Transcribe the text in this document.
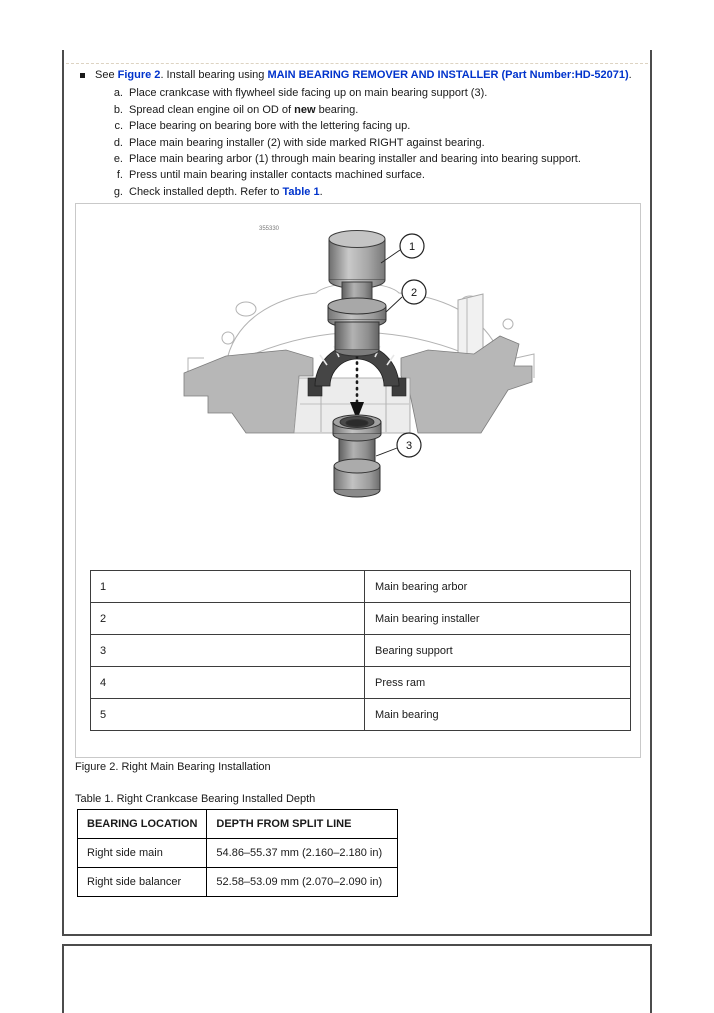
See Figure 2. Install bearing using MAIN BEARING REMOVER AND INSTALLER (Part Number:HD-52071).
a. Place crankcase with flywheel side facing up on main bearing support (3).
b. Spread clean engine oil on OD of new bearing.
c. Place bearing on bearing bore with the lettering facing up.
d. Place main bearing installer (2) with side marked RIGHT against bearing.
e. Place main bearing arbor (1) through main bearing installer and bearing into bearing support.
f. Press until main bearing installer contacts machined surface.
g. Check installed depth. Refer to Table 1.
355330
1
2
3
1	Main bearing arbor
2	Main bearing installer
3	Bearing support
4	Press ram
5	Main bearing
Figure 2. Right Main Bearing Installation
Table 1. Right Crankcase Bearing Installed Depth
BEARING LOCATION	DEPTH FROM SPLIT LINE
Right side main	54.86–55.37 mm (2.160–2.180 in)
Right side balancer	52.58–53.09 mm (2.070–2.090 in)
